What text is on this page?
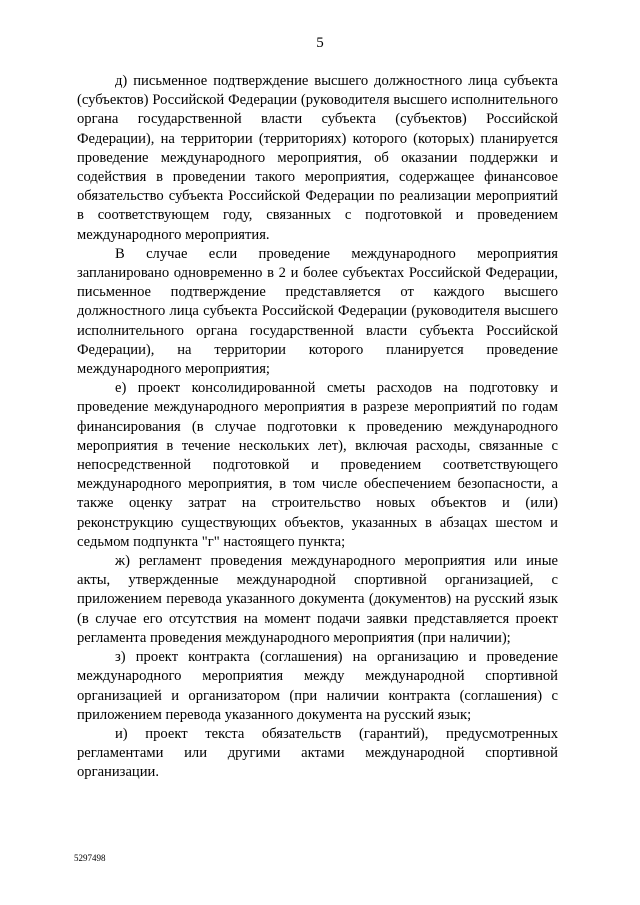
5

д) письменное подтверждение высшего должностного лица субъекта (субъектов) Российской Федерации (руководителя высшего исполнительного органа государственной власти субъекта (субъектов) Российской Федерации), на территории (территориях) которого (которых) планируется проведение международного мероприятия, об оказании поддержки и содействия в проведении такого мероприятия, содержащее финансовое обязательство субъекта Российской Федерации по реализации мероприятий в соответствующем году, связанных с подготовкой и проведением международного мероприятия.

В случае если проведение международного мероприятия запланировано одновременно в 2 и более субъектах Российской Федерации, письменное подтверждение представляется от каждого высшего должностного лица субъекта Российской Федерации (руководителя высшего исполнительного органа государственной власти субъекта Российской Федерации), на территории которого планируется проведение международного мероприятия;

е) проект консолидированной сметы расходов на подготовку и проведение международного мероприятия в разрезе мероприятий по годам финансирования (в случае подготовки к проведению международного мероприятия в течение нескольких лет), включая расходы, связанные с непосредственной подготовкой и проведением соответствующего международного мероприятия, в том числе обеспечением безопасности, а также оценку затрат на строительство новых объектов и (или) реконструкцию существующих объектов, указанных в абзацах шестом и седьмом подпункта "г" настоящего пункта;

ж) регламент проведения международного мероприятия или иные акты, утвержденные международной спортивной организацией, с приложением перевода указанного документа (документов) на русский язык (в случае его отсутствия на момент подачи заявки представляется проект регламента проведения международного мероприятия (при наличии);

з) проект контракта (соглашения) на организацию и проведение международного мероприятия между международной спортивной организацией и организатором (при наличии контракта (соглашения) с приложением перевода указанного документа на русский язык;

и) проект текста обязательств (гарантий), предусмотренных регламентами или другими актами международной спортивной организации.

5297498
